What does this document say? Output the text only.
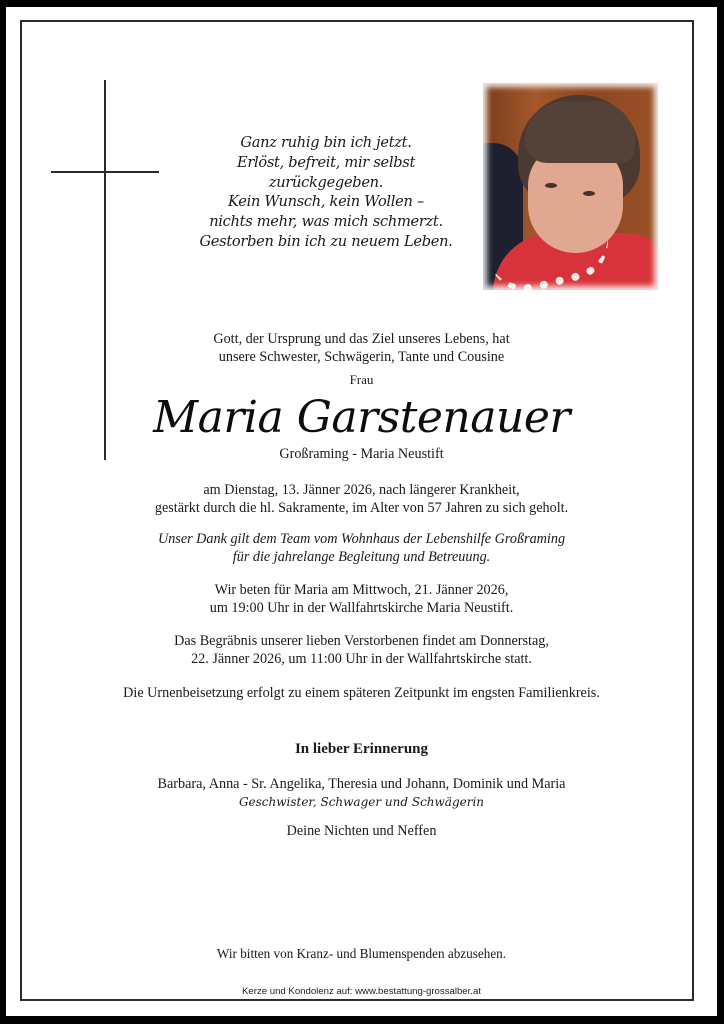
Ganz ruhig bin ich jetzt.
Erlöst, befreit, mir selbst
zurückgegeben.
Kein Wunsch, kein Wollen –
nichts mehr, was mich schmerzt.
Gestorben bin ich zu neuem Leben.
Gott, der Ursprung und das Ziel unseres Lebens, hat
unsere Schwester, Schwägerin, Tante und Cousine
Frau
Maria Garstenauer
Großraming - Maria Neustift
am Dienstag, 13. Jänner 2026, nach längerer Krankheit,
gestärkt durch die hl. Sakramente, im Alter von 57 Jahren zu sich geholt.
Unser Dank gilt dem Team vom Wohnhaus der Lebenshilfe Großraming
für die jahrelange Begleitung und Betreuung.
Wir beten für Maria am Mittwoch, 21. Jänner 2026,
um 19:00 Uhr in der Wallfahrtskirche Maria Neustift.
Das Begräbnis unserer lieben Verstorbenen findet am Donnerstag,
22. Jänner 2026, um 11:00 Uhr in der Wallfahrtskirche statt.
Die Urnenbeisetzung erfolgt zu einem späteren Zeitpunkt im engsten Familienkreis.
In lieber Erinnerung
Barbara, Anna - Sr. Angelika, Theresia und Johann, Dominik und Maria
Geschwister, Schwager und Schwägerin
Deine Nichten und Neffen
Wir bitten von Kranz- und Blumenspenden abzusehen.
Kerze und Kondolenz auf: www.bestattung-grossalber.at
